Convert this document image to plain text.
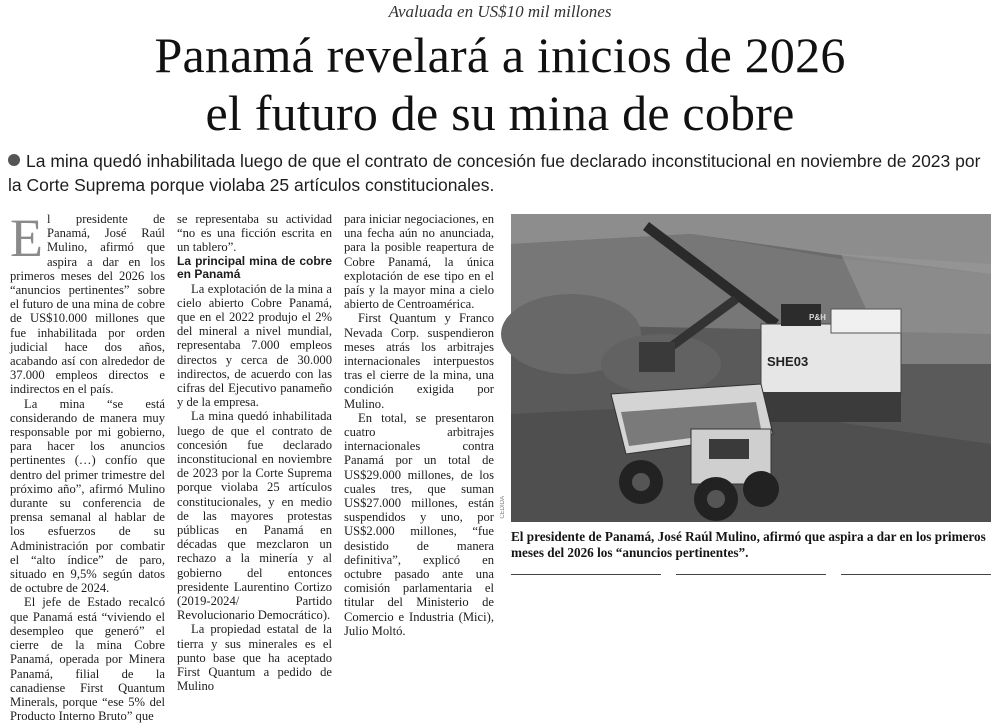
Avaluada en US$10 mil millones
Panamá revelará a inicios de 2026
el futuro de su mina de cobre
La mina quedó inhabilitada luego de que el contrato de concesión fue declarado inconstitucional en noviembre de 2023 por la Corte Suprema porque violaba 25 artículos constitucionales.
E l presidente de Panamá, José Raúl Mulino, afirmó que aspira a dar en los primeros meses del 2026 los “anuncios pertinentes” sobre el futuro de una mina de cobre de US$10.000 millones que fue inhabilitada por orden judicial hace dos años, acabando así con alrededor de 37.000 empleos directos e indirectos en el país.

La mina “se está considerando de manera muy responsable por mi gobierno, para hacer los anuncios pertinentes (…) confío que dentro del primer trimestre del próximo año”, afirmó Mulino durante su conferencia de prensa semanal al hablar de los esfuerzos de su Administración por combatir el “alto índice” de paro, situado en 9,5% según datos de octubre de 2024.

El jefe de Estado recalcó que Panamá está “viviendo el desempleo que generó” el cierre de la mina Cobre Panamá, operada por Minera Panamá, filial de la canadiense First Quantum Minerals, porque “ese 5% del Producto Interno Bruto” que

se representaba su actividad “no es una ficción escrita en un tablero”.

La principal mina de cobre en Panamá

La explotación de la mina a cielo abierto Cobre Panamá, que en el 2022 produjo el 2% del mineral a nivel mundial, representaba 7.000 empleos directos y cerca de 30.000 indirectos, de acuerdo con las cifras del Ejecutivo panameño y de la empresa.

La mina quedó inhabilitada luego de que el contrato de concesión fue declarado inconstitucional en noviembre de 2023 por la Corte Suprema porque violaba 25 artículos constitucionales, y en medio de las mayores protestas públicas en Panamá en décadas que mezclaron un rechazo a la minería y al gobierno del entonces presidente Laurentino Cortizo (2019-2024/ Partido Revolucionario Democrático).

La propiedad estatal de la tierra y sus minerales es el punto base que ha aceptado First Quantum a pedido de Mulino

para iniciar negociaciones, en una fecha aún no anunciada, para la posible reapertura de Cobre Panamá, la única explotación de ese tipo en el país y la mayor mina a cielo abierto de Centroamérica.

First Quantum y Franco Nevada Corp. suspendieron meses atrás los arbitrajes internacionales interpuestos tras el cierre de la mina, una condición exigida por Mulino.

En total, se presentaron cuatro arbitrajes internacionales contra Panamá por un total de US$29.000 millones, de los cuales tres, que suman US$27.000 millones, están suspendidos y uno, por US$2.000 millones, “fue desistido de manera definitiva”, explicó en octubre pasado ante una comisión parlamentaria el titular del Ministerio de Comercio e Industria (Mici), Julio Moltó.

SHE03
P&H
CEDIDA
El presidente de Panamá, José Raúl Mulino, afirmó que aspira a dar en los primeros meses del 2026 los “anuncios pertinentes”.
